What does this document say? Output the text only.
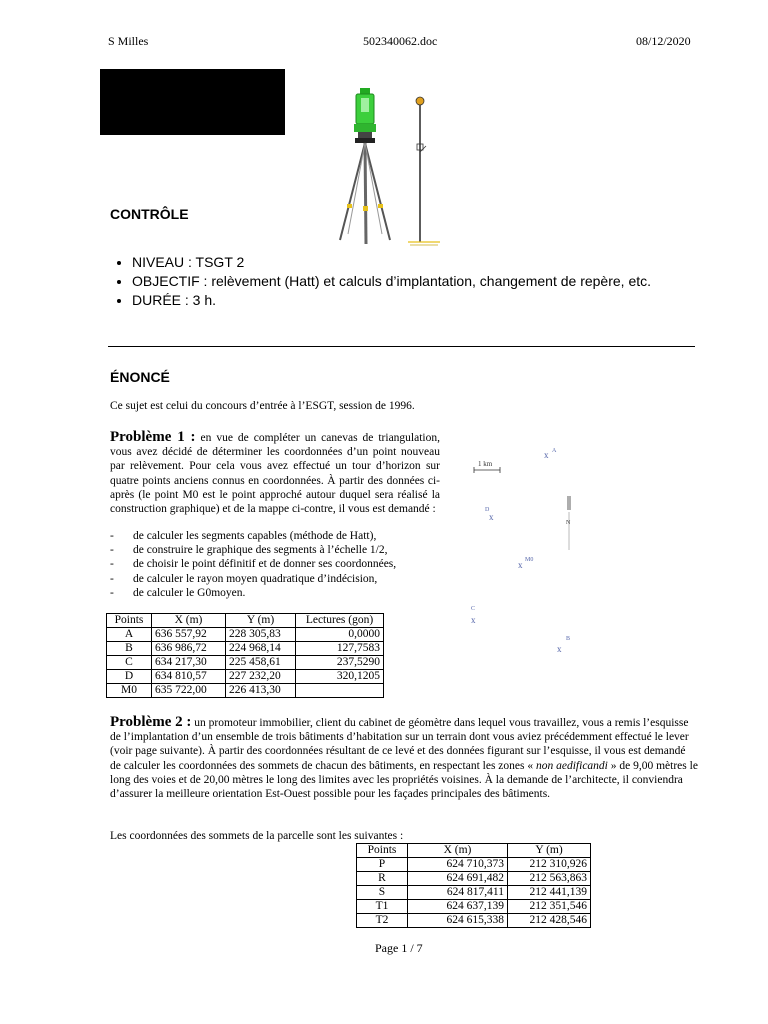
S Milles	502340062.doc	08/12/2020
CONTRÔLE
• NIVEAU : TSGT 2
• OBJECTIF : relèvement (Hatt) et calculs d’implantation, changement de repère, etc.
• DURÉE : 3 h.
ÉNONCÉ
Ce sujet est celui du concours d’entrée à l’ESGT, session de 1996.
Problème 1 : en vue de compléter un canevas de triangulation, vous avez décidé de déterminer les coordonnées d’un point nouveau par relèvement. Pour cela vous avez effectué un tour d’horizon sur quatre points anciens connus en coordonnées. À partir des données ci-après (le point M0 est le point approché autour duquel sera réalisé la construction graphique) et de la mappe ci-contre, il vous est demandé :
- de calculer les segments capables (méthode de Hatt),
- de construire le graphique des segments à l’échelle 1/2,
- de choisir le point définitif et de donner ses coordonnées,
- de calculer le rayon moyen quadratique d’indécision,
- de calculer le G0moyen.
Points	X (m)	Y (m)	Lectures (gon)
A	636 557,92	228 305,83	0,0000
B	636 986,72	224 968,14	127,7583
C	634 217,30	225 458,61	237,5290
D	634 810,57	227 232,20	320,1205
M0	635 722,00	226 413,30	
1 km
x A
D
x
N
x M0
C
x
B
x
Problème 2 : un promoteur immobilier, client du cabinet de géomètre dans lequel vous travaillez, vous a remis l’esquisse de l’implantation d’un ensemble de trois bâtiments d’habitation sur un terrain dont vous aviez précédemment effectué le lever (voir page suivante). À partir des coordonnées résultant de ce levé et des données figurant sur l’esquisse, il vous est demandé de calculer les coordonnées des sommets de chacun des bâtiments, en respectant les zones « non aedificandi » de 9,00 mètres le long des voies et de 20,00 mètres le long des limites avec les propriétés voisines. À la demande de l’architecte, il conviendra d’assurer la meilleure orientation Est-Ouest possible pour les façades principales des bâtiments.
Les coordonnées des sommets de la parcelle sont les suivantes :
Points	X (m)	Y (m)
P	624 710,373	212 310,926
R	624 691,482	212 563,863
S	624 817,411	212 441,139
T1	624 637,139	212 351,546
T2	624 615,338	212 428,546
Page 1 / 7
